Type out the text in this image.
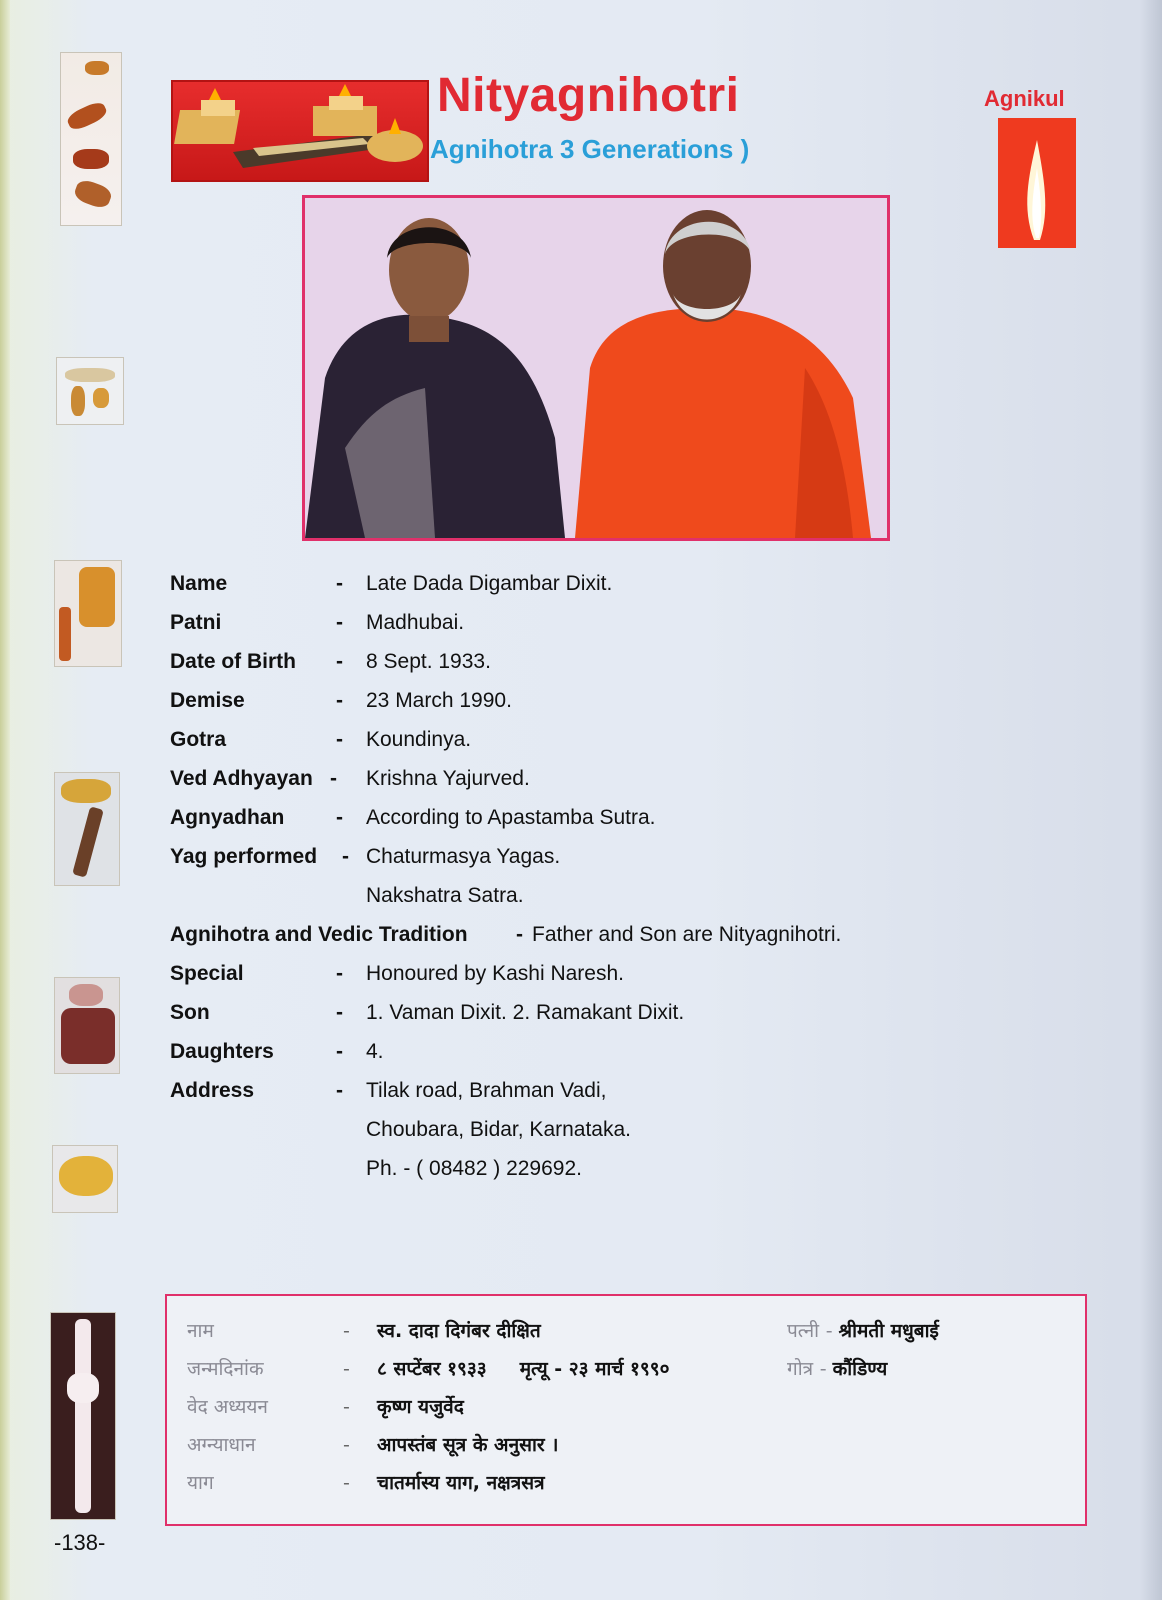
Nityagnihotri
Agnihotra 3 Generations )
Agnikul
Name	- Late Dada Digambar Dixit.
Patni	- Madhubai.
Date of Birth - 8 Sept. 1933.
Demise	- 23 March 1990.
Gotra	- Koundinya.
Ved Adhyayan - Krishna Yajurved.
Agnyadhan - According to Apastamba Sutra.
Yag performed - Chaturmasya Yagas.
Nakshatra Satra.
Agnihotra and Vedic Tradition - Father and Son are Nityagnihotri.
Special	- Honoured by Kashi Naresh.
Son	- 1. Vaman Dixit. 2. Ramakant Dixit.
Daughters	- 4.
Address	- Tilak road, Brahman Vadi,
Choubara, Bidar, Karnataka.
Ph. - ( 08482 ) 229692.
नाम	- स्व. दादा दिगंबर दीक्षित	पत्नी - श्रीमती मधुबाई
जन्मदिनांक	- ८ सप्टेंबर १९३३     मृत्यू - २३ मार्च १९९०	गोत्र - कौंडिण्य
वेद अध्ययन	- कृष्ण यजुर्वेद
अग्न्याधान	- आपस्तंब सूत्र के अनुसार ।
याग	- चातर्मास्य याग, नक्षत्रसत्र
-138-
